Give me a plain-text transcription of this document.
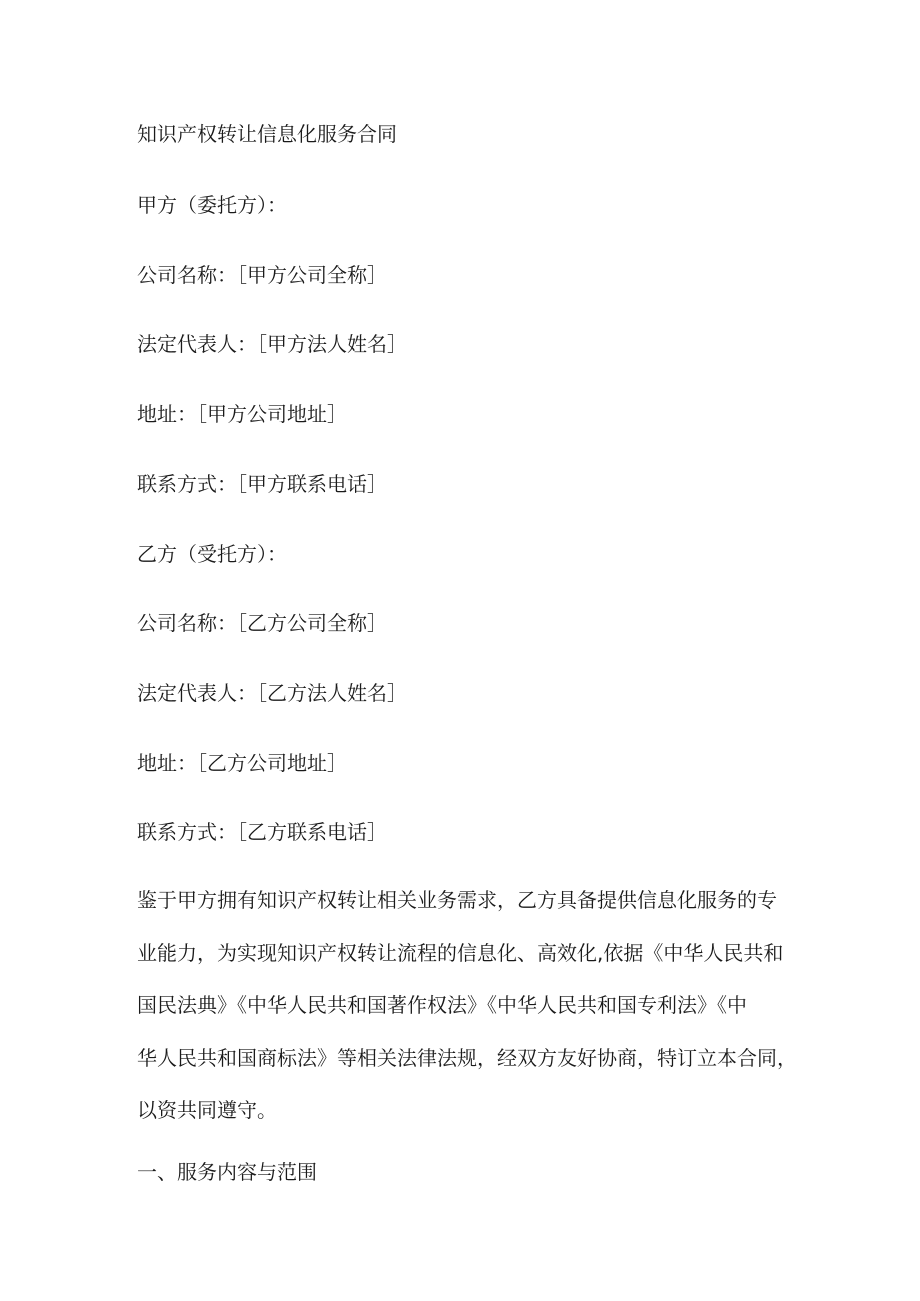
知识产权转让信息化服务合同
甲方（委托方）：
公司名称：［甲方公司全称］
法定代表人：［甲方法人姓名］
地址：［甲方公司地址］
联系方式：［甲方联系电话］
乙方（受托方）：
公司名称：［乙方公司全称］
法定代表人：［乙方法人姓名］
地址：［乙方公司地址］
联系方式：［乙方联系电话］
鉴于甲方拥有知识产权转让相关业务需求，乙方具备提供信息化服务的专
业能力，为实现知识产权转让流程的信息化、高效化,依据《中华人民共和
国民法典》《中华人民共和国著作权法》《中华人民共和国专利法》《中
华人民共和国商标法》等相关法律法规，经双方友好协商，特订立本合同，
以资共同遵守。
一、服务内容与范围
